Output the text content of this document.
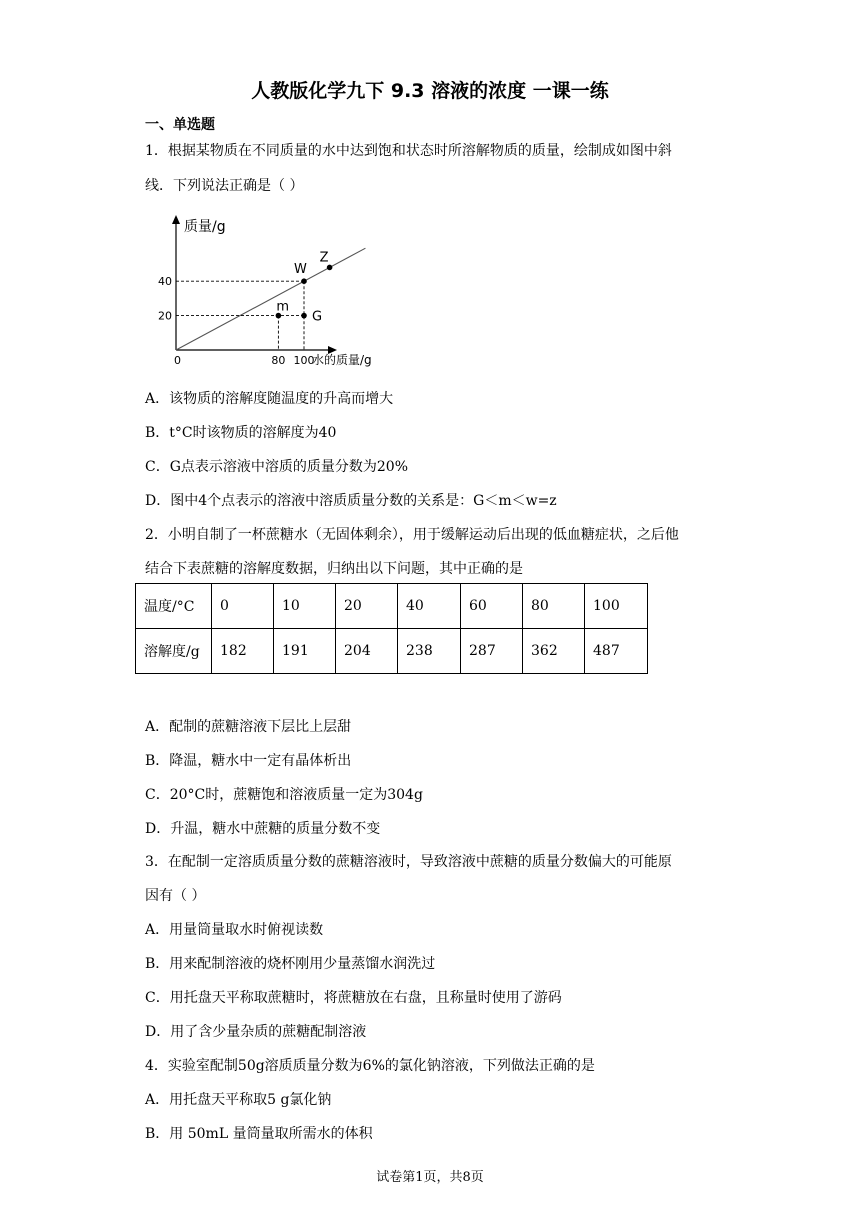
人教版化学九下 9.3 溶液的浓度 一课一练
一、单选题
1．根据某物质在不同质量的水中达到饱和状态时所溶解物质的质量，绘制成如图中斜
线．下列说法正确是（ ）
质量/g
水的质量/g
0
20
40
80 100
m
G
W
Z
A．该物质的溶解度随温度的升高而增大
B．t°C时该物质的溶解度为40
C．G点表示溶液中溶质的质量分数为20%
D．图中4个点表示的溶液中溶质质量分数的关系是：G＜m＜w=z
2．小明自制了一杯蔗糖水（无固体剩余），用于缓解运动后出现的低血糖症状，之后他
结合下表蔗糖的溶解度数据，归纳出以下问题，其中正确的是
温度/°C	0	10	20	40	60	80	100
溶解度/g	182	191	204	238	287	362	487
A．配制的蔗糖溶液下层比上层甜
B．降温，糖水中一定有晶体析出
C．20°C时，蔗糖饱和溶液质量一定为304g
D．升温，糖水中蔗糖的质量分数不变
3．在配制一定溶质质量分数的蔗糖溶液时，导致溶液中蔗糖的质量分数偏大的可能原
因有（ ）
A．用量筒量取水时俯视读数
B．用来配制溶液的烧杯刚用少量蒸馏水润洗过
C．用托盘天平称取蔗糖时，将蔗糖放在右盘，且称量时使用了游码
D．用了含少量杂质的蔗糖配制溶液
4．实验室配制50g溶质质量分数为6%的氯化钠溶液，下列做法正确的是
A．用托盘天平称取5 g氯化钠
B．用 50mL 量筒量取所需水的体积
试卷第1页，共8页
